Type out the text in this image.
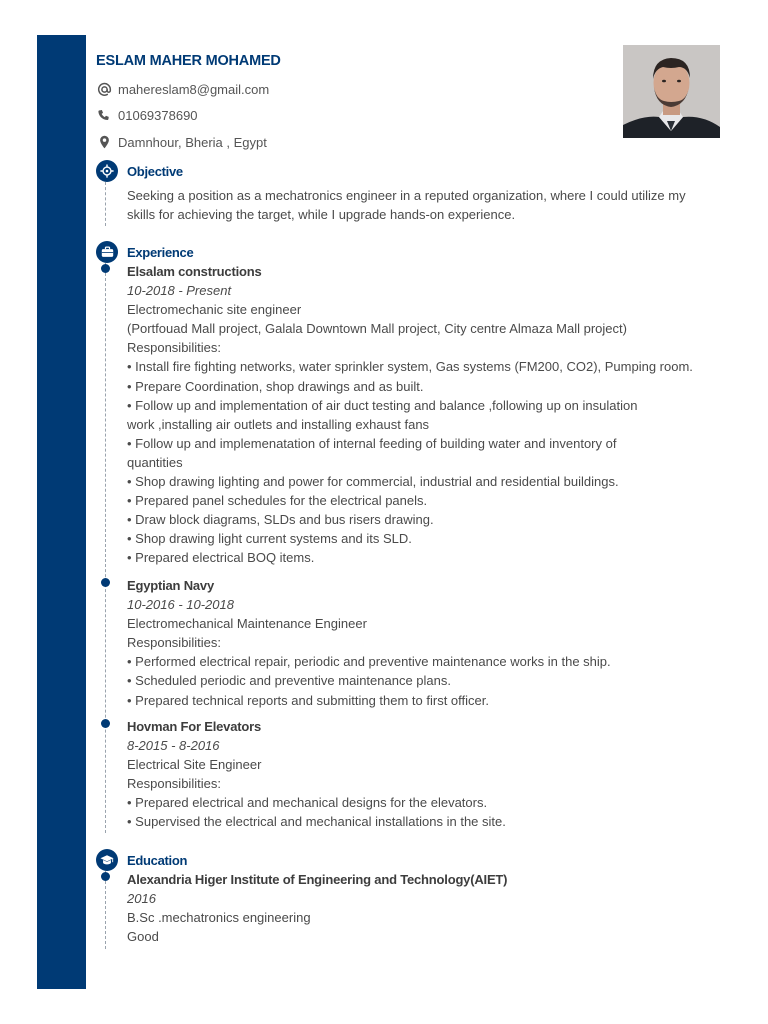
ESLAM MAHER MOHAMED
mahereslam8@gmail.com
01069378690
Damnhour, Bheria , Egypt
Objective
Seeking a position as a mechatronics engineer in a reputed organization, where I could utilize my
skills for achieving the target, while I upgrade hands-on experience.
Experience
Elsalam constructions
10-2018 - Present
Electromechanic site engineer
(Portfouad Mall project, Galala Downtown Mall project, City centre Almaza Mall project)
Responsibilities:
• Install fire fighting networks, water sprinkler system, Gas systems (FM200, CO2), Pumping room.
• Prepare Coordination, shop drawings and as built.
• Follow up and implementation of air duct testing and balance ,following up on insulation
work ,installing air outlets and installing exhaust fans
• Follow up and implemenatation of internal feeding of building water and inventory of
quantities
• Shop drawing lighting and power for commercial, industrial and residential buildings.
• Prepared panel schedules for the electrical panels.
• Draw block diagrams, SLDs and bus risers drawing.
• Shop drawing light current systems and its SLD.
• Prepared electrical BOQ items.
Egyptian Navy
10-2016 - 10-2018
Electromechanical Maintenance Engineer
Responsibilities:
• Performed electrical repair, periodic and preventive maintenance works in the ship.
• Scheduled periodic and preventive maintenance plans.
• Prepared technical reports and submitting them to first officer.
Hovman For Elevators
8-2015 - 8-2016
Electrical Site Engineer
Responsibilities:
• Prepared electrical and mechanical designs for the elevators.
• Supervised the electrical and mechanical installations in the site.
Education
Alexandria Higer Institute of Engineering and Technology(AIET)
2016
B.Sc .mechatronics engineering
Good
